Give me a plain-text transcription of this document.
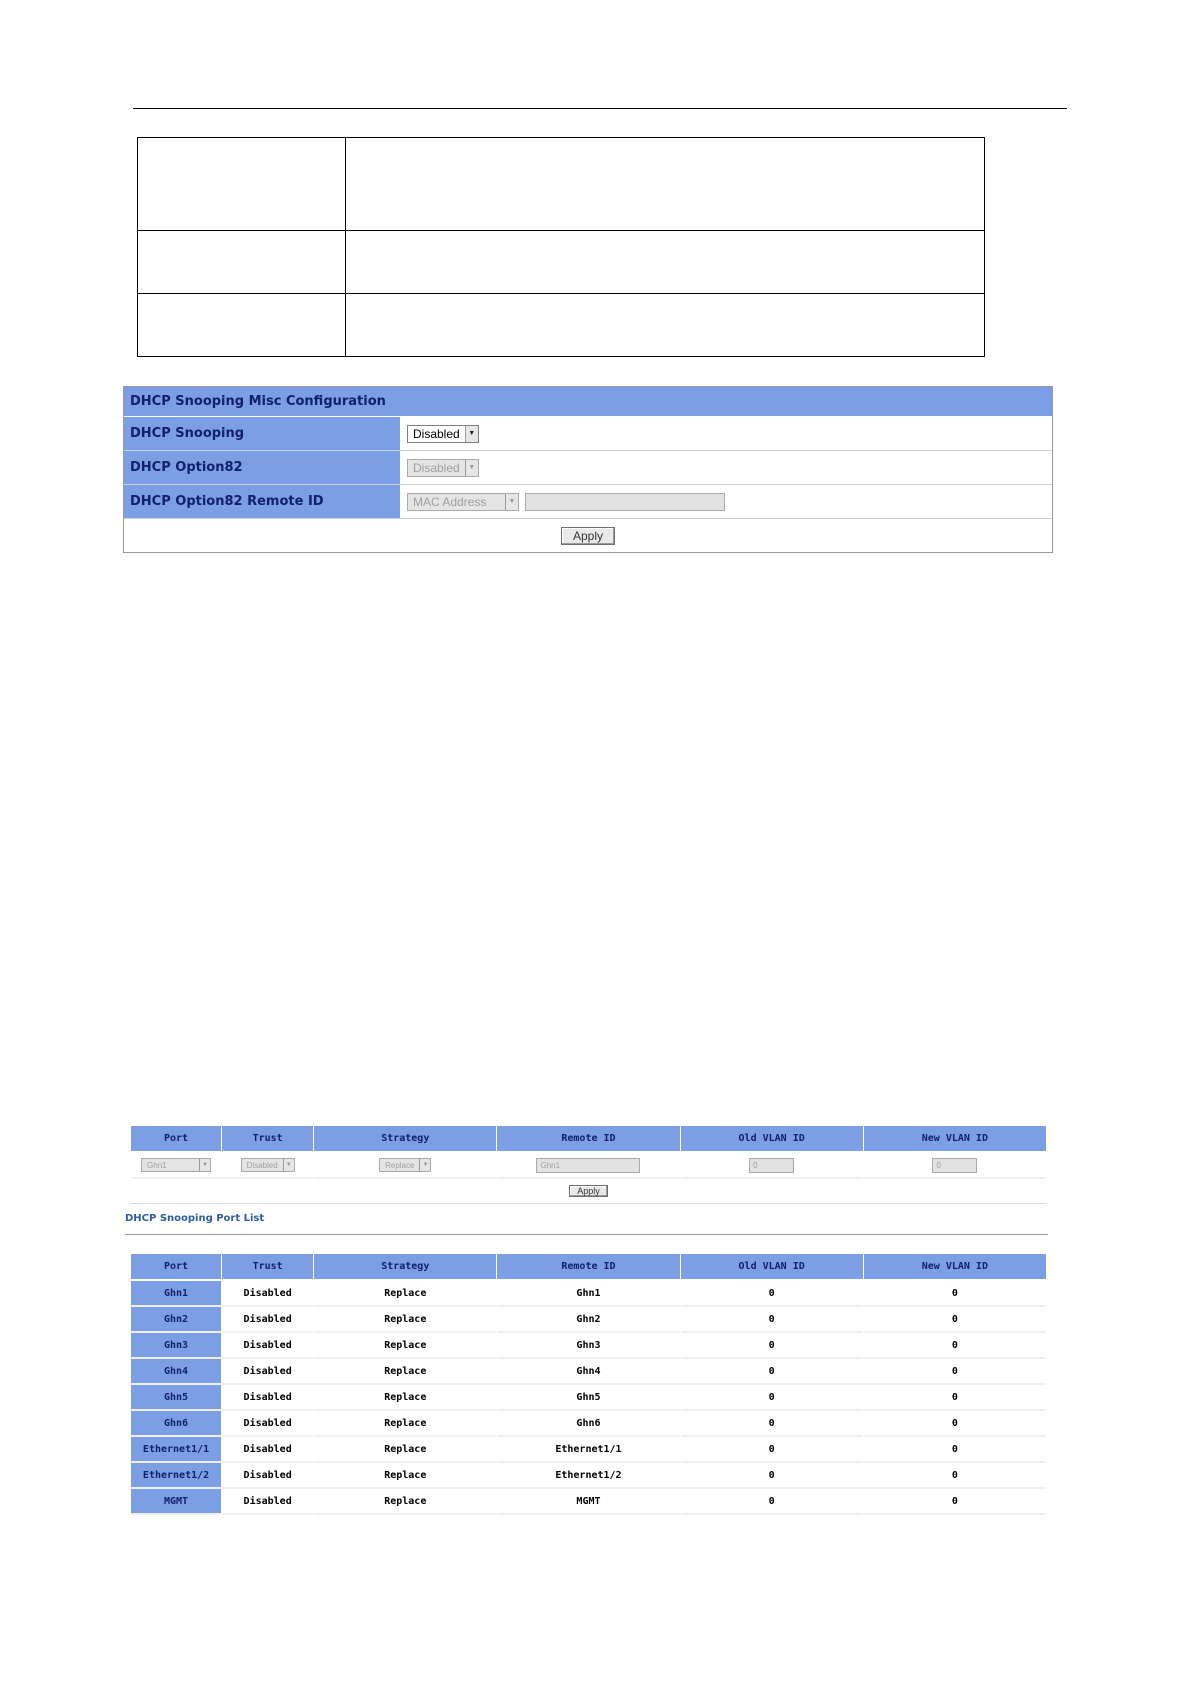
DHCP Snooping Misc Configuration
DHCP Snooping	Disabled	▼
DHCP Option82	Disabled	▼
DHCP Option82 Remote ID	MAC Address	▼
Apply
Port	Trust	Strategy	Remote ID	Old VLAN ID	New VLAN ID

Ghn1 ▼	Disabled ▼	Replace ▼	Ghn1	0	0
Apply					
DHCP Snooping Port List
Port	Trust	Strategy	Remote ID	Old VLAN ID	New VLAN ID
Ghn1	Disabled	Replace	Ghn1	0	0
Ghn2	Disabled	Replace	Ghn2	0	0
Ghn3	Disabled	Replace	Ghn3	0	0
Ghn4	Disabled	Replace	Ghn4	0	0
Ghn5	Disabled	Replace	Ghn5	0	0
Ghn6	Disabled	Replace	Ghn6	0	0
Ethernet1/1	Disabled	Replace	Ethernet1/1	0	0
Ethernet1/2	Disabled	Replace	Ethernet1/2	0	0
MGMT	Disabled	Replace	MGMT	0	0
